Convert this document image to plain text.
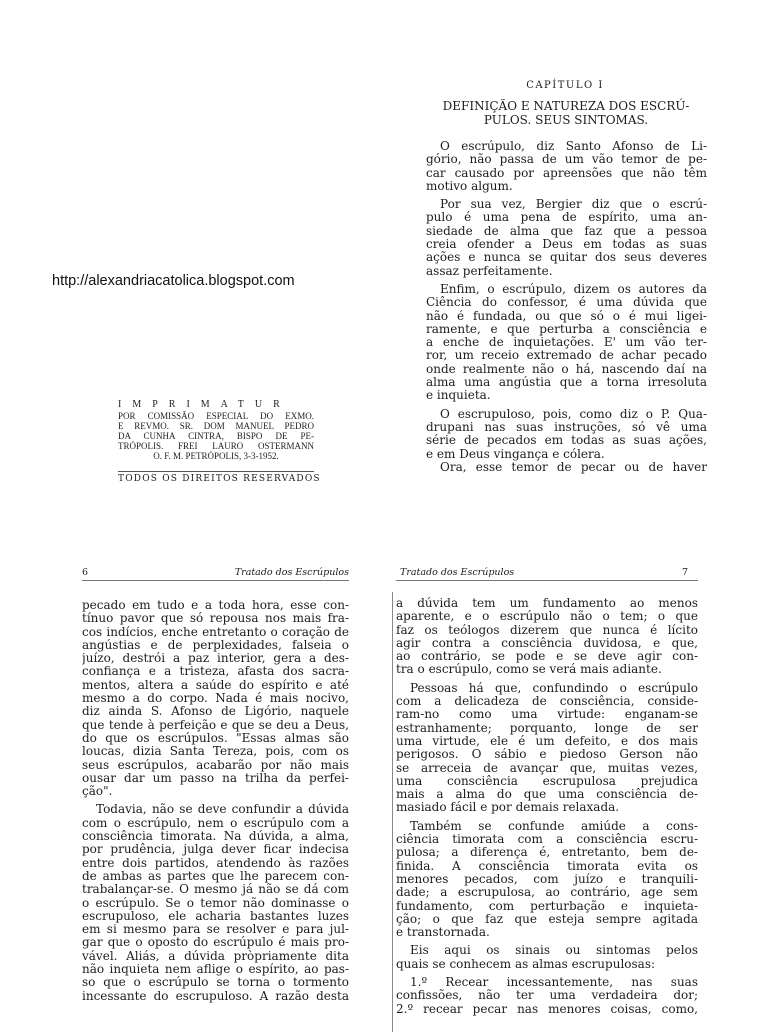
http://alexandriacatolica.blogspot.com
IMPRIMATUR
POR COMISSÃO ESPECIAL DO EXMO.
E REVMO. SR. DOM MANUEL PEDRO
DA CUNHA CINTRA, BISPO DE PE-
TRÓPOLIS. FREI LAURO OSTERMANN
O. F. M. PETRÓPOLIS, 3-3-1952.
TODOS OS DIREITOS RESERVADOS
CAPÍTULO I
DEFINIÇÃO E NATUREZA DOS ESCRÚ-
PULOS. SEUS SINTOMAS.
O escrúpulo, diz Santo Afonso de Li-
gório, não passa de um vão temor de pe-
car causado por apreensões que não têm
motivo algum.
Por sua vez, Bergier diz que o escrú-
pulo é uma pena de espírito, uma an-
siedade de alma que faz que a pessoa
creia ofender a Deus em todas as suas
ações e nunca se quitar dos seus deveres
assaz perfeitamente.
Enfim, o escrúpulo, dizem os autores da
Ciência do confessor, é uma dúvida que
não é fundada, ou que só o é mui ligei-
ramente, e que perturba a consciência e
a enche de inquietações. E' um vão ter-
ror, um receio extremado de achar pecado
onde realmente não o há, nascendo daí na
alma uma angústia que a torna irresoluta
e inquieta.
O escrupuloso, pois, como diz o P. Qua-
drupani nas suas instruções, só vê uma
série de pecados em todas as suas ações,
e em Deus vingança e cólera.
Ora, esse temor de pecar ou de haver
6	Tratado dos Escrúpulos	Tratado dos Escrúpulos	7
pecado em tudo e a toda hora, esse con-
tínuo pavor que só repousa nos mais fra-
cos indícios, enche entretanto o coração de
angústias e de perplexidades, falseia o
juízo, destrói a paz interior, gera a des-
confiança e a tristeza, afasta dos sacra-
mentos, altera a saúde do espírito e até
mesmo a do corpo. Nada é mais nocivo,
diz ainda S. Afonso de Ligório, naquele
que tende à perfeição e que se deu a Deus,
do que os escrúpulos. "Essas almas são
loucas, dizia Santa Tereza, pois, com os
seus escrúpulos, acabarão por não mais
ousar dar um passo na trilha da perfei-
ção".
Todavia, não se deve confundir a dúvida
com o escrúpulo, nem o escrúpulo com a
consciência timorata. Na dúvida, a alma,
por prudência, julga dever ficar indecisa
entre dois partidos, atendendo às razões
de ambas as partes que lhe parecem con-
trabalançar-se. O mesmo já não se dá com
o escrúpulo. Se o temor não dominasse o
escrupuloso, ele acharia bastantes luzes
em si mesmo para se resolver e para jul-
gar que o oposto do escrúpulo é mais pro-
vável. Aliás, a dúvida pròpriamente dita
não inquieta nem aflige o espírito, ao pas-
so que o escrúpulo se torna o tormento
incessante do escrupuloso. A razão desta
a dúvida tem um fundamento ao menos
aparente, e o escrúpulo não o tem; o que
faz os teólogos dizerem que nunca é lícito
agir contra a consciência duvidosa, e que,
ao contrário, se pode e se deve agir con-
tra o escrúpulo, como se verá mais adiante.
Pessoas há que, confundindo o escrúpulo
com a delicadeza de consciência, conside-
ram-no como uma virtude: enganam-se
estranhamente; porquanto, longe de ser
uma virtude, ele é um defeito, e dos mais
perigosos. O sábio e piedoso Gerson não
se arreceia de avançar que, muitas vezes,
uma consciência escrupulosa prejudica
mais a alma do que uma consciência de-
masiado fácil e por demais relaxada.
Também se confunde amiúde a cons-
ciência timorata com a consciência escru-
pulosa; a diferença é, entretanto, bem de-
finida. A consciência timorata evita os
menores pecados, com juízo e tranquili-
dade; a escrupulosa, ao contrário, age sem
fundamento, com perturbação e inquieta-
ção; o que faz que esteja sempre agitada
e transtornada.
Eis aqui os sinais ou sintomas pelos
quais se conhecem as almas escrupulosas:
1.º Recear incessantemente, nas suas
confissões, não ter uma verdadeira dor;
2.º recear pecar nas menores coisas, como,
